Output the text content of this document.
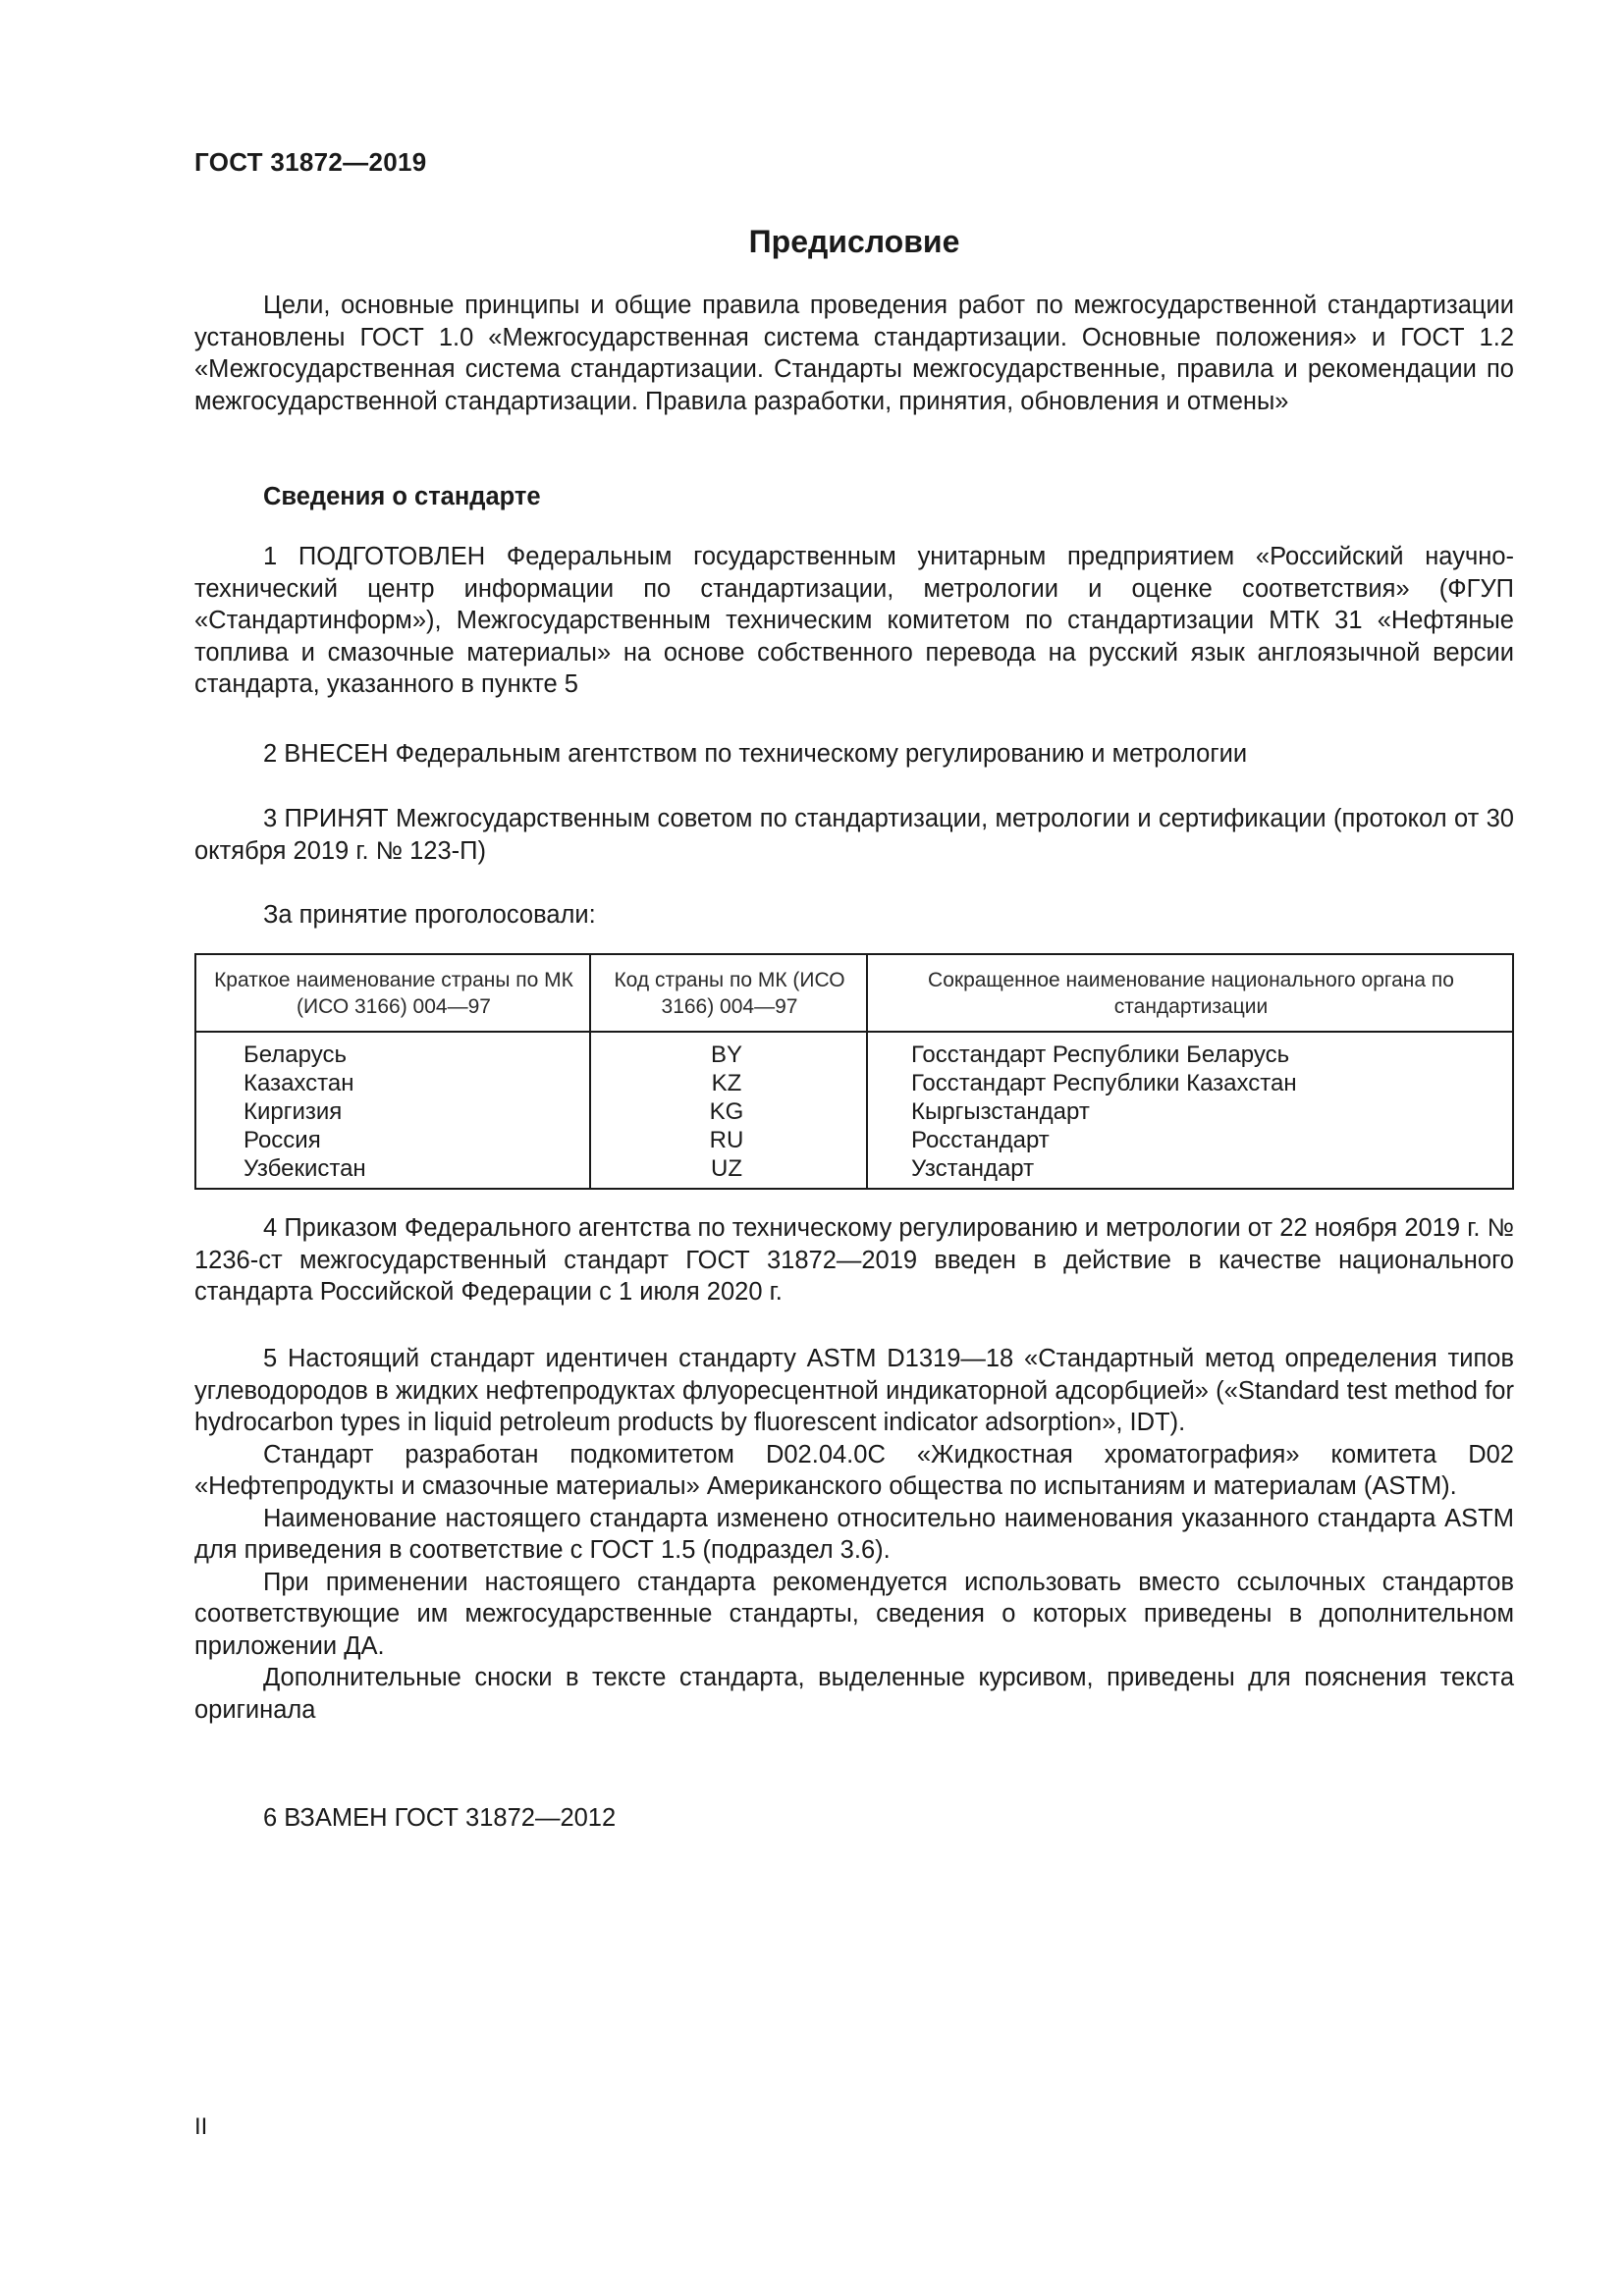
ГОСТ 31872—2019
Предисловие

Цели, основные принципы и общие правила проведения работ по межгосударственной стандартизации установлены ГОСТ 1.0 «Межгосударственная система стандартизации. Основные положения» и ГОСТ 1.2 «Межгосударственная система стандартизации. Стандарты межгосударственные, правила и рекомендации по межгосударственной стандартизации. Правила разработки, принятия, обновления и отмены»

Сведения о стандарте

1 ПОДГОТОВЛЕН Федеральным государственным унитарным предприятием «Российский научно-технический центр информации по стандартизации, метрологии и оценке соответствия» (ФГУП «Стандартинформ»), Межгосударственным техническим комитетом по стандартизации МТК 31 «Нефтяные топлива и смазочные материалы» на основе собственного перевода на русский язык англоязычной версии стандарта, указанного в пункте 5

2 ВНЕСЕН Федеральным агентством по техническому регулированию и метрологии

3 ПРИНЯТ Межгосударственным советом по стандартизации, метрологии и сертификации (протокол от 30 октября 2019 г. № 123-П)

За принятие проголосовали:

Краткое наименование страны по МК (ИСО 3166) 004—97
Код страны по МК (ИСО 3166) 004—97
Сокращенное наименование национального органа по стандартизации
Беларусь
Казахстан
Киргизия
Россия
Узбекистан
BY
KZ
KG
RU
UZ
Госстандарт Республики Беларусь
Госстандарт Республики Казахстан
Кыргызстандарт
Росстандарт
Узстандарт

4 Приказом Федерального агентства по техническому регулированию и метрологии от 22 ноября 2019 г. № 1236-ст межгосударственный стандарт ГОСТ 31872—2019 введен в действие в качестве национального стандарта Российской Федерации с 1 июля 2020 г.

5 Настоящий стандарт идентичен стандарту ASTM D1319—18 «Стандартный метод определения типов углеводородов в жидких нефтепродуктах флуоресцентной индикаторной адсорбцией» («Standard test method for hydrocarbon types in liquid petroleum products by fluorescent indicator adsorption», IDT).

Стандарт разработан подкомитетом D02.04.0C «Жидкостная хроматография» комитета D02 «Нефтепродукты и смазочные материалы» Американского общества по испытаниям и материалам (ASTM).

Наименование настоящего стандарта изменено относительно наименования указанного стандарта ASTM для приведения в соответствие с ГОСТ 1.5 (подраздел 3.6).

При применении настоящего стандарта рекомендуется использовать вместо ссылочных стандартов соответствующие им межгосударственные стандарты, сведения о которых приведены в дополнительном приложении ДА.

Дополнительные сноски в тексте стандарта, выделенные курсивом, приведены для пояснения текста оригинала

6 ВЗАМЕН ГОСТ 31872—2012

II
